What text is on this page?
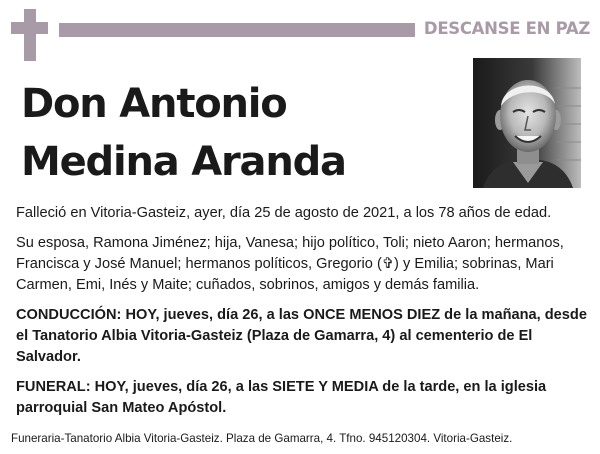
DESCANSE EN PAZ
Don Antonio
Medina Aranda
Falleció en Vitoria-Gasteiz, ayer, día 25 de agosto de 2021, a los 78 años de edad.
Su esposa, Ramona Jiménez; hija, Vanesa; hijo político, Toli; nieto Aaron; hermanos, Francisca y José Manuel; hermanos políticos, Gregorio (✞) y Emilia; sobrinas, Mari Carmen, Emi, Inés y Maite; cuñados, sobrinos, amigos y demás familia.
CONDUCCIÓN: HOY, jueves, día 26, a las ONCE MENOS DIEZ de la mañana, desde el Tanatorio Albia Vitoria-Gasteiz (Plaza de Gamarra, 4) al cementerio de El Salvador.
FUNERAL: HOY, jueves, día 26, a las SIETE Y MEDIA de la tarde, en la iglesia parroquial San Mateo Apóstol.
Funeraria-Tanatorio Albia Vitoria-Gasteiz. Plaza de Gamarra, 4. Tfno. 945120304. Vitoria-Gasteiz.
